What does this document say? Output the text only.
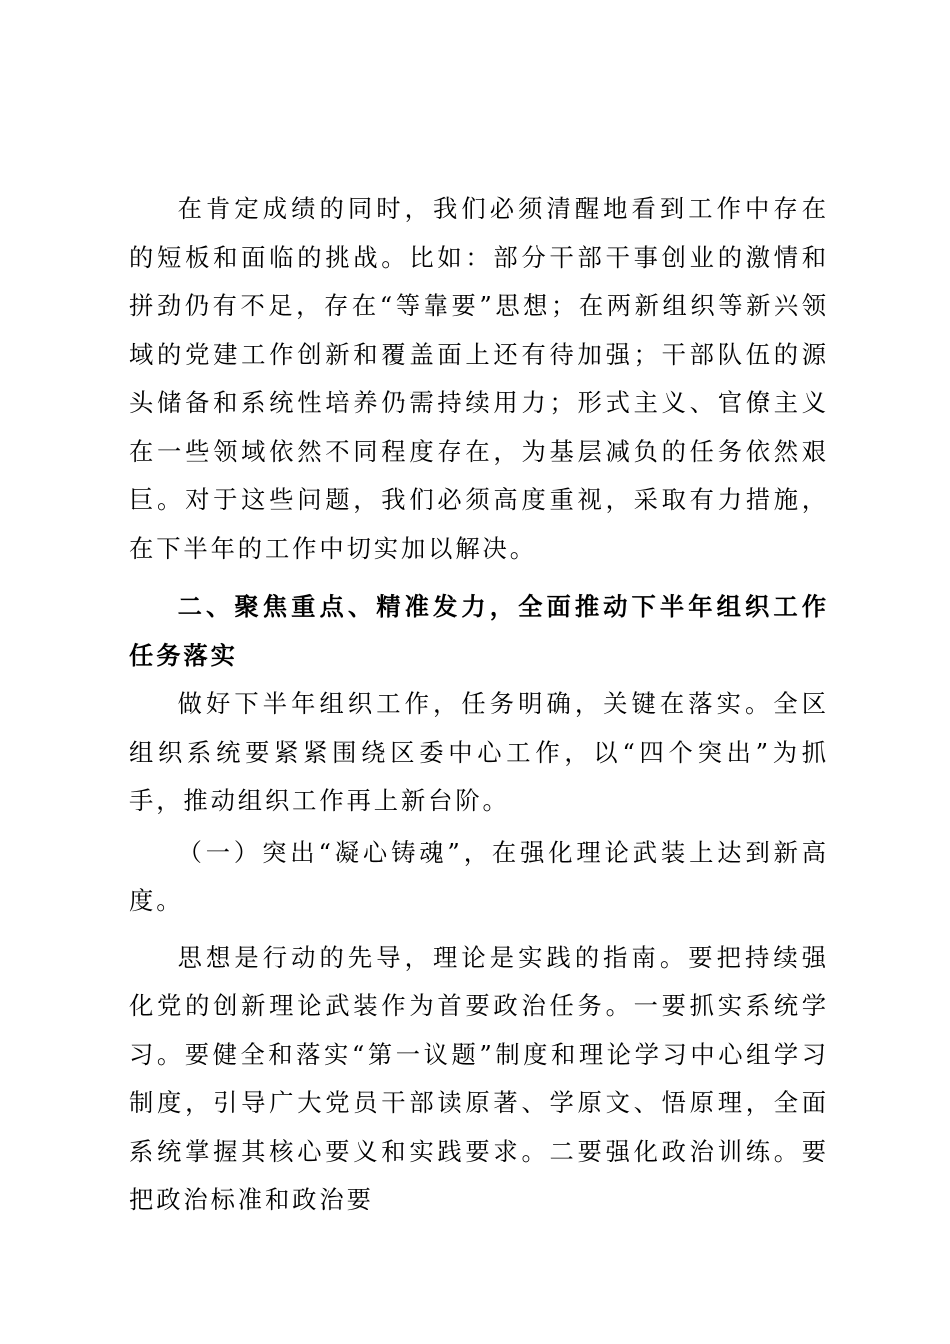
在肯定成绩的同时，我们必须清醒地看到工作中存在的短板和面临的挑战。比如：部分干部干事创业的激情和拼劲仍有不足，存在“等靠要”思想；在两新组织等新兴领域的党建工作创新和覆盖面上还有待加强；干部队伍的源头储备和系统性培养仍需持续用力；形式主义、官僚主义在一些领域依然不同程度存在，为基层减负的任务依然艰巨。对于这些问题，我们必须高度重视，采取有力措施，在下半年的工作中切实加以解决。

二、聚焦重点、精准发力，全面推动下半年组织工作任务落实

做好下半年组织工作，任务明确，关键在落实。全区组织系统要紧紧围绕区委中心工作，以“四个突出”为抓手，推动组织工作再上新台阶。

（一）突出“凝心铸魂”，在强化理论武装上达到新高度。

思想是行动的先导，理论是实践的指南。要把持续强化党的创新理论武装作为首要政治任务。一要抓实系统学习。要健全和落实“第一议题”制度和理论学习中心组学习制度，引导广大党员干部读原著、学原文、悟原理，全面系统掌握其核心要义和实践要求。二要强化政治训练。要把政治标准和政治要
